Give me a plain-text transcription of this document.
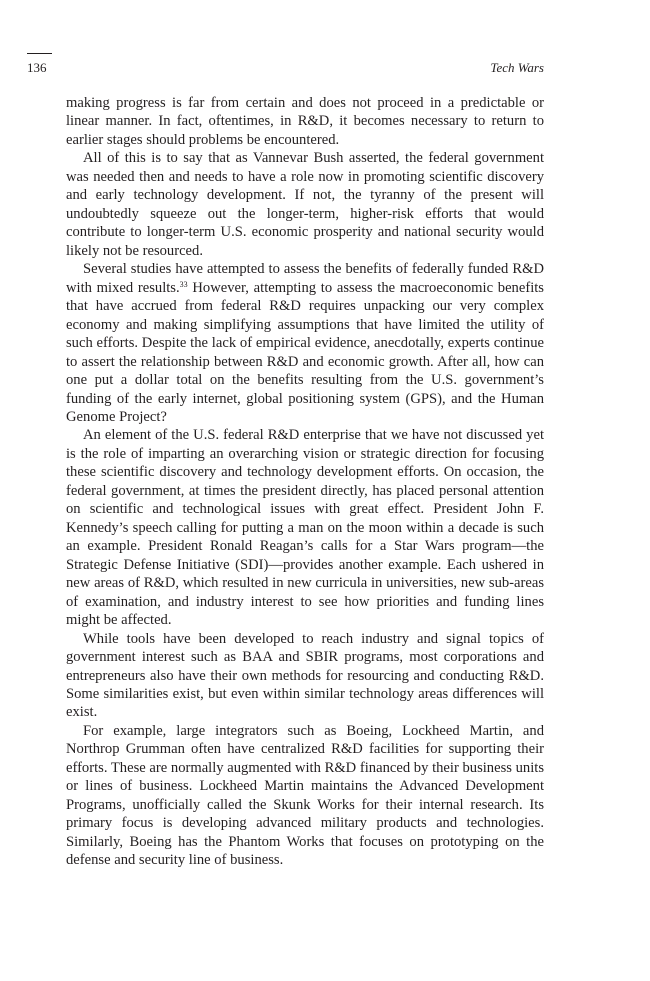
136	Tech Wars

making progress is far from certain and does not proceed in a predictable or linear manner. In fact, oftentimes, in R&D, it becomes necessary to return to earlier stages should problems be encountered.

All of this is to say that as Vannevar Bush asserted, the federal government was needed then and needs to have a role now in promoting scientific discovery and early technology development. If not, the tyranny of the present will undoubtedly squeeze out the longer-term, higher-risk efforts that would contribute to longer-term U.S. economic prosperity and national security would likely not be resourced.

Several studies have attempted to assess the benefits of federally funded R&D with mixed results.$^{33}$ However, attempting to assess the macroeconomic benefits that have accrued from federal R&D requires unpacking our very complex economy and making simplifying assumptions that have limited the utility of such efforts. Despite the lack of empirical evidence, anecdotally, experts continue to assert the relationship between R&D and economic growth. After all, how can one put a dollar total on the benefits resulting from the U.S. government’s funding of the early internet, global positioning system (GPS), and the Human Genome Project?

An element of the U.S. federal R&D enterprise that we have not discussed yet is the role of imparting an overarching vision or strategic direction for focusing these scientific discovery and technology development efforts. On occasion, the federal government, at times the president directly, has placed personal attention on scientific and technological issues with great effect. President John F. Kennedy’s speech calling for putting a man on the moon within a decade is such an example. President Ronald Reagan’s calls for a Star Wars program—the Strategic Defense Initiative (SDI)—provides another example. Each ushered in new areas of R&D, which resulted in new curricula in universities, new sub-areas of examination, and industry interest to see how priorities and funding lines might be affected.

While tools have been developed to reach industry and signal topics of government interest such as BAA and SBIR programs, most corporations and entrepreneurs also have their own methods for resourcing and conducting R&D. Some similarities exist, but even within similar technology areas differences will exist.

For example, large integrators such as Boeing, Lockheed Martin, and Northrop Grumman often have centralized R&D facilities for supporting their efforts. These are normally augmented with R&D financed by their business units or lines of business. Lockheed Martin maintains the Advanced Development Programs, unofficially called the Skunk Works for their internal research. Its primary focus is developing advanced military products and technologies. Similarly, Boeing has the Phantom Works that focuses on prototyping on the defense and security line of business.
